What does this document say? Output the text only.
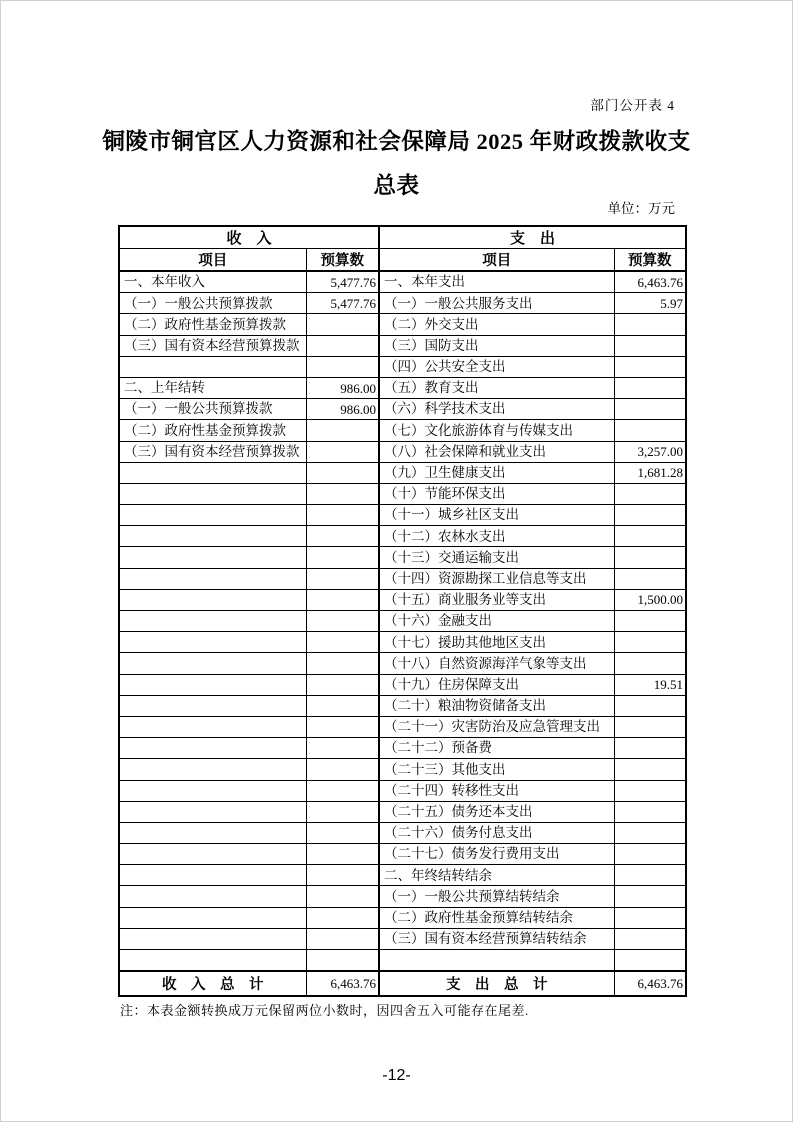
部门公开表 4
铜陵市铜官区人力资源和社会保障局 2025 年财政拨款收支
总表
单位：万元
收　入		支　出	
项目	预算数	项目	预算数
一、本年收入	5,477.76	一、本年支出	6,463.76
（一）一般公共预算拨款	5,477.76	（一）一般公共服务支出	5.97
（二）政府性基金预算拨款		（二）外交支出	
（三）国有资本经营预算拨款		（三）国防支出	
		（四）公共安全支出	
二、上年结转	986.00	（五）教育支出	
（一）一般公共预算拨款	986.00	（六）科学技术支出	
（二）政府性基金预算拨款		（七）文化旅游体育与传媒支出	
（三）国有资本经营预算拨款		（八）社会保障和就业支出	3,257.00
		（九）卫生健康支出	1,681.28
		（十）节能环保支出	
		（十一）城乡社区支出	
		（十二）农林水支出	
		（十三）交通运输支出	
		（十四）资源勘探工业信息等支出	
		（十五）商业服务业等支出	1,500.00
		（十六）金融支出	
		（十七）援助其他地区支出	
		（十八）自然资源海洋气象等支出	
		（十九）住房保障支出	19.51
		（二十）粮油物资储备支出	
		（二十一）灾害防治及应急管理支出	
		（二十二）预备费	
		（二十三）其他支出	
		（二十四）转移性支出	
		（二十五）债务还本支出	
		（二十六）债务付息支出	
		（二十七）债务发行费用支出	
		二、年终结转结余	
		（一）一般公共预算结转结余	
		（二）政府性基金预算结转结余	
		（三）国有资本经营预算结转结余	

收　入　总　计	6,463.76	支　出　总　计	6,463.76
注：本表金额转换成万元保留两位小数时，因四舍五入可能存在尾差.
-12-
